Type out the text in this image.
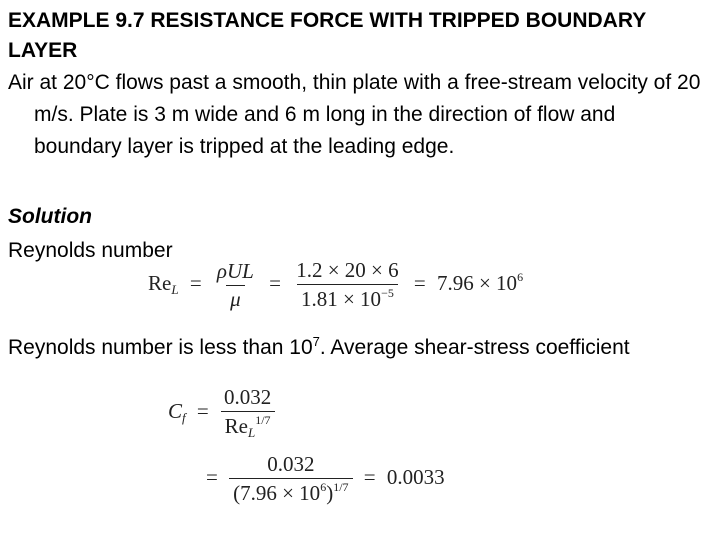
EXAMPLE 9.7 RESISTANCE FORCE WITH TRIPPED BOUNDARY LAYER
Air at 20°C flows past a smooth, thin plate with a free-stream velocity of 20 m/s. Plate is 3 m wide and 6 m long in the direction of flow and boundary layer is tripped at the leading edge.
Solution
Reynolds number
$Re_L = \frac{\text{ρUL}}{\mu} = \frac{1.2 \times 20 \times 6}{1.81 \times 10^{-5}} = 7.96 \times 10^6$
Reynolds number is less than $10^7$. Average shear-stress coefficient
$C_f = \frac{0.032}{Re_L^{1/7}}$
= $\frac{0.032}{(7.96 \times 10^6)^{1/7}} = 0.0033$
